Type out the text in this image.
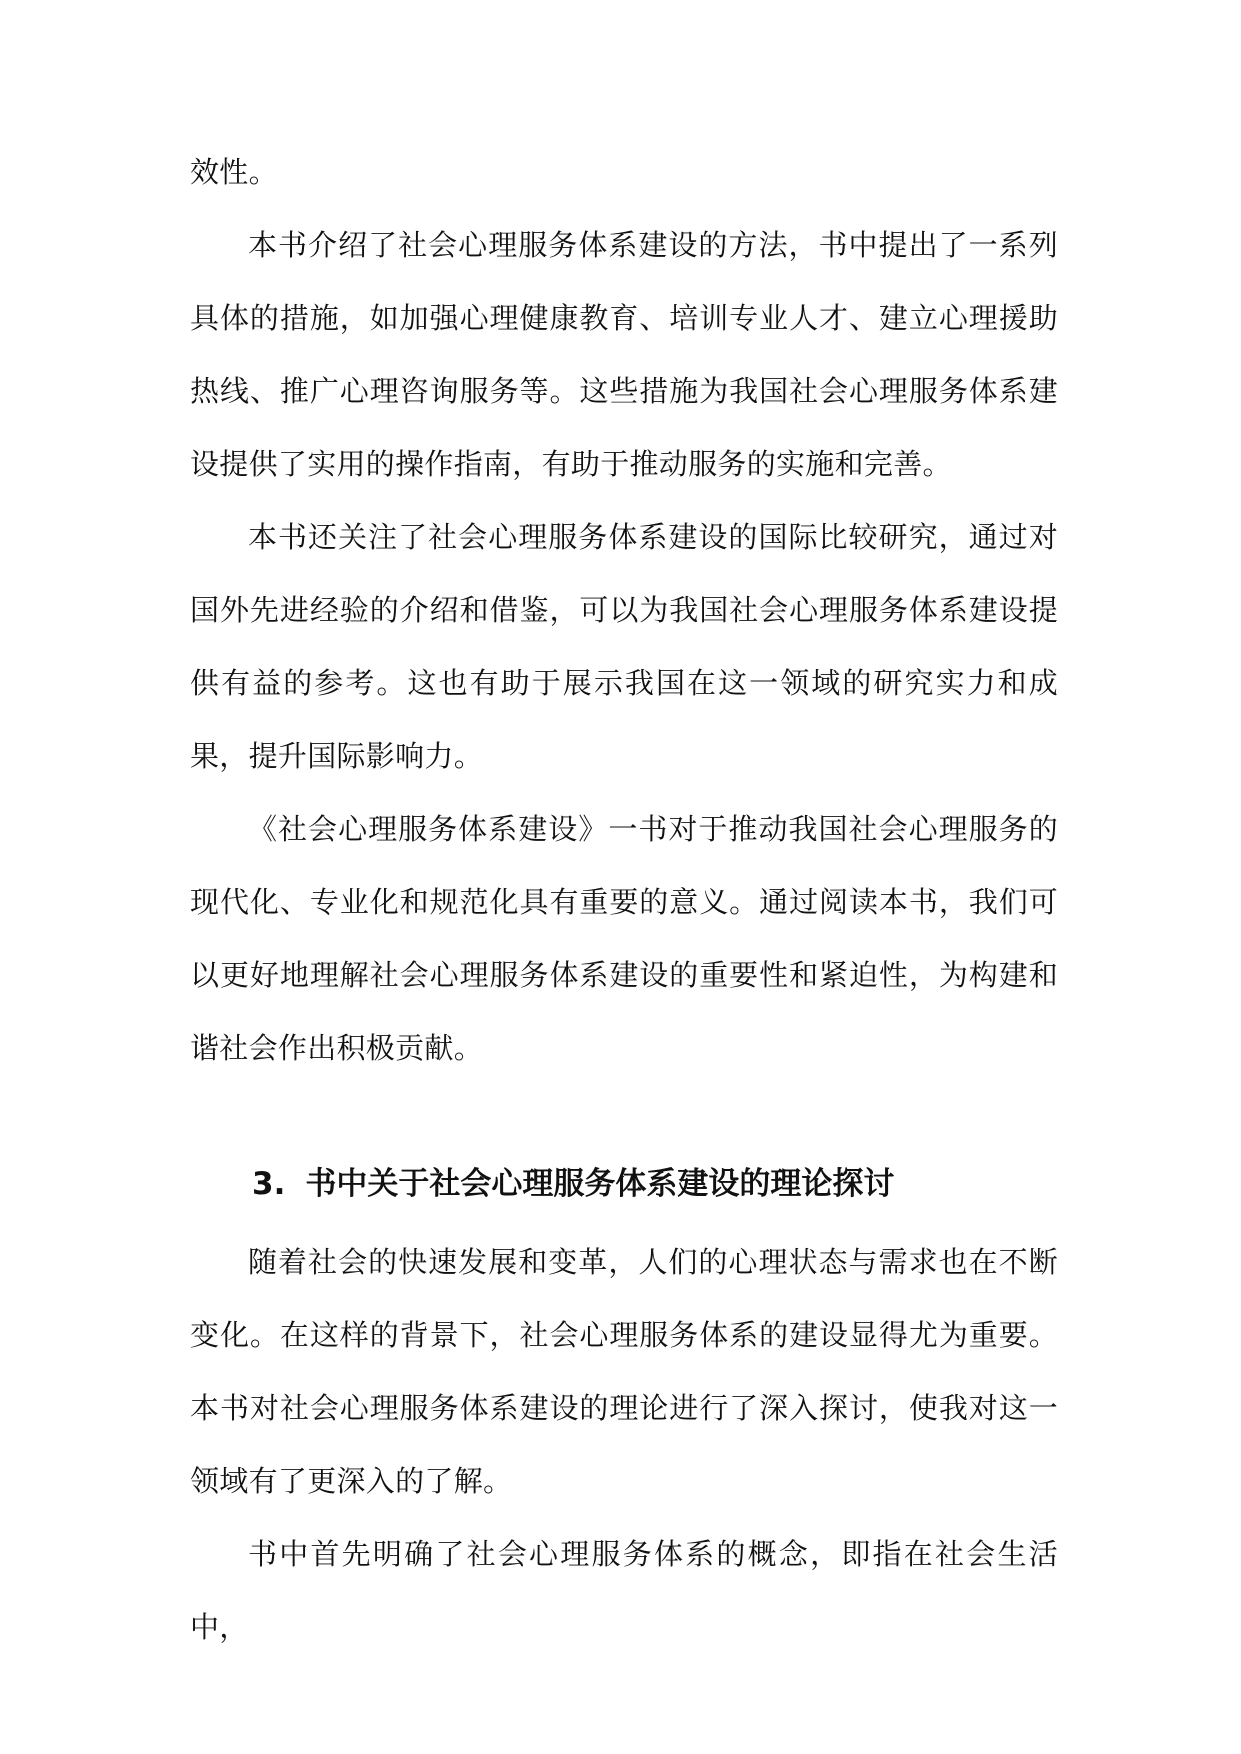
效性。

本书介绍了社会心理服务体系建设的方法，书中提出了一系列具体的措施，如加强心理健康教育、培训专业人才、建立心理援助热线、推广心理咨询服务等。这些措施为我国社会心理服务体系建设提供了实用的操作指南，有助于推动服务的实施和完善。

本书还关注了社会心理服务体系建设的国际比较研究，通过对国外先进经验的介绍和借鉴，可以为我国社会心理服务体系建设提供有益的参考。这也有助于展示我国在这一领域的研究实力和成果，提升国际影响力。

《社会心理服务体系建设》一书对于推动我国社会心理服务的现代化、专业化和规范化具有重要的意义。通过阅读本书，我们可以更好地理解社会心理服务体系建设的重要性和紧迫性，为构建和谐社会作出积极贡献。

3. 书中关于社会心理服务体系建设的理论探讨

随着社会的快速发展和变革，人们的心理状态与需求也在不断变化。在这样的背景下，社会心理服务体系的建设显得尤为重要。本书对社会心理服务体系建设的理论进行了深入探讨，使我对这一领域有了更深入的了解。

书中首先明确了社会心理服务体系的概念，即指在社会生活中，
